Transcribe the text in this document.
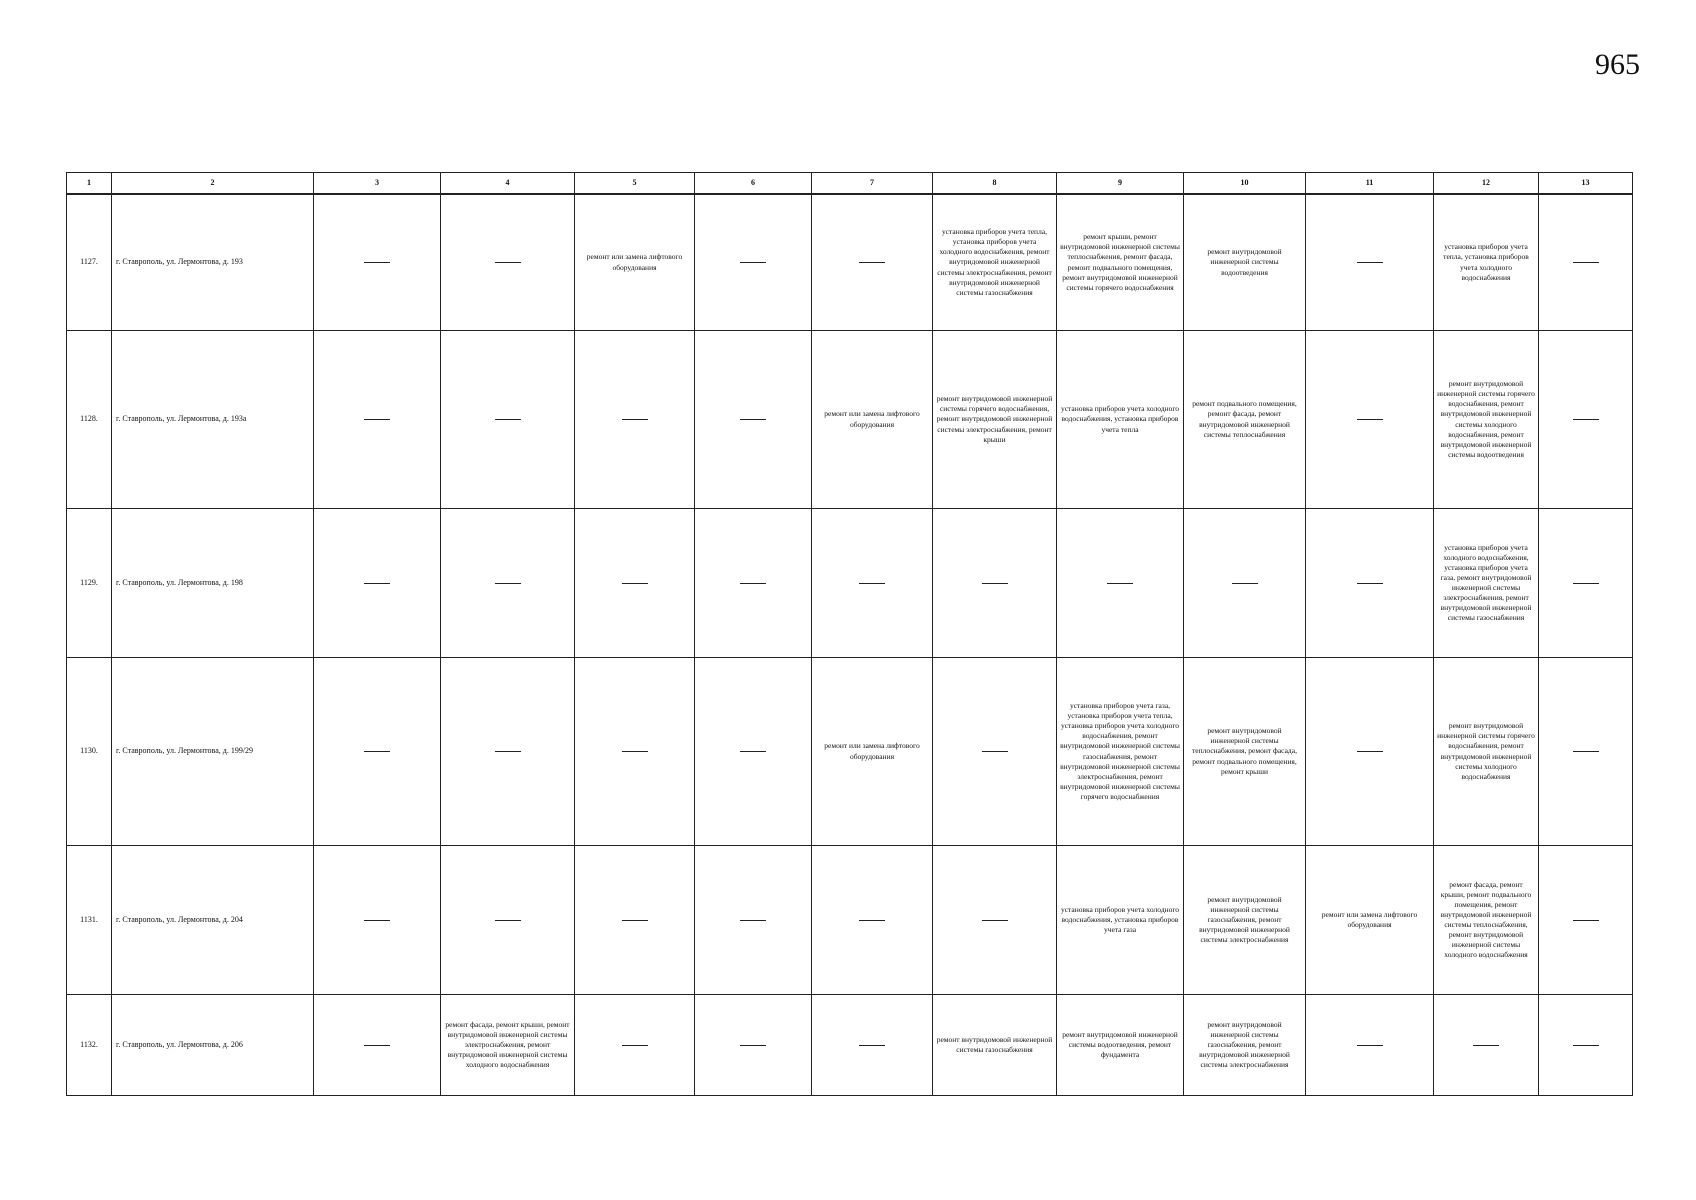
965
1	2	3	4	5	6	7	8	9	10	11	12	13
1127.	г. Ставрополь, ул. Лермонтова, д. 193			ремонт или замена лифтового оборудования			установка приборов учета тепла, установка приборов учета холодного водоснабжения, ремонт внутридомовой инженерной системы электроснабжения, ремонт внутридомовой инженерной системы газоснабжения	ремонт крыши, ремонт внутридомовой инженерной системы теплоснабжения, ремонт фасада, ремонт подвального помещения, ремонт внутридомовой инженерной системы горячего водоснабжения	ремонт внутридомовой инженерной системы водоотведения		установка приборов учета тепла, установка приборов учета холодного водоснабжения	
1128.	г. Ставрополь, ул. Лермонтова, д. 193а					ремонт или замена лифтового оборудования	ремонт внутридомовой инженерной системы горячего водоснабжения, ремонт внутридомовой инженерной системы электроснабжения, ремонт крыши	установка приборов учета холодного водоснабжения, установка приборов учета тепла	ремонт подвального помещения, ремонт фасада, ремонт внутридомовой инженерной системы теплоснабжения		ремонт внутридомовой инженерной системы горячего водоснабжения, ремонт внутридомовой инженерной системы холодного водоснабжения, ремонт внутридомовой инженерной системы водоотведения	
1129.	г. Ставрополь, ул. Лермонтова, д. 198										установка приборов учета холодного водоснабжения, установка приборов учета газа, ремонт внутридомовой инженерной системы электроснабжения, ремонт внутридомовой инженерной системы газоснабжения	
1130.	г. Ставрополь, ул. Лермонтова, д. 199/29					ремонт или замена лифтового оборудования		установка приборов учета газа, установка приборов учета тепла, установка приборов учета холодного водоснабжения, ремонт внутридомовой инженерной системы газоснабжения, ремонт внутридомовой инженерной системы электроснабжения, ремонт внутридомовой инженерной системы горячего водоснабжения	ремонт внутридомовой инженерной системы теплоснабжения, ремонт фасада, ремонт подвального помещения, ремонт крыши		ремонт внутридомовой инженерной системы горячего водоснабжения, ремонт внутридомовой инженерной системы холодного водоснабжения	
1131.	г. Ставрополь, ул. Лермонтова, д. 204							установка приборов учета холодного водоснабжения, установка приборов учета газа	ремонт внутридомовой инженерной системы газоснабжения, ремонт внутридомовой инженерной системы электроснабжения	ремонт или замена лифтового оборудования	ремонт фасада, ремонт крыши, ремонт подвального помещения, ремонт внутридомовой инженерной системы теплоснабжения, ремонт внутридомовой инженерной системы холодного водоснабжения	
1132.	г. Ставрополь, ул. Лермонтова, д. 206		ремонт фасада, ремонт крыши, ремонт внутридомовой инженерной системы электроснабжения, ремонт внутридомовой инженерной системы холодного водоснабжения				ремонт внутридомовой инженерной системы газоснабжения	ремонт внутридомовой инженерной системы водоотведения, ремонт фундамента	ремонт внутридомовой инженерной системы газоснабжения, ремонт внутридомовой инженерной системы электроснабжения			
